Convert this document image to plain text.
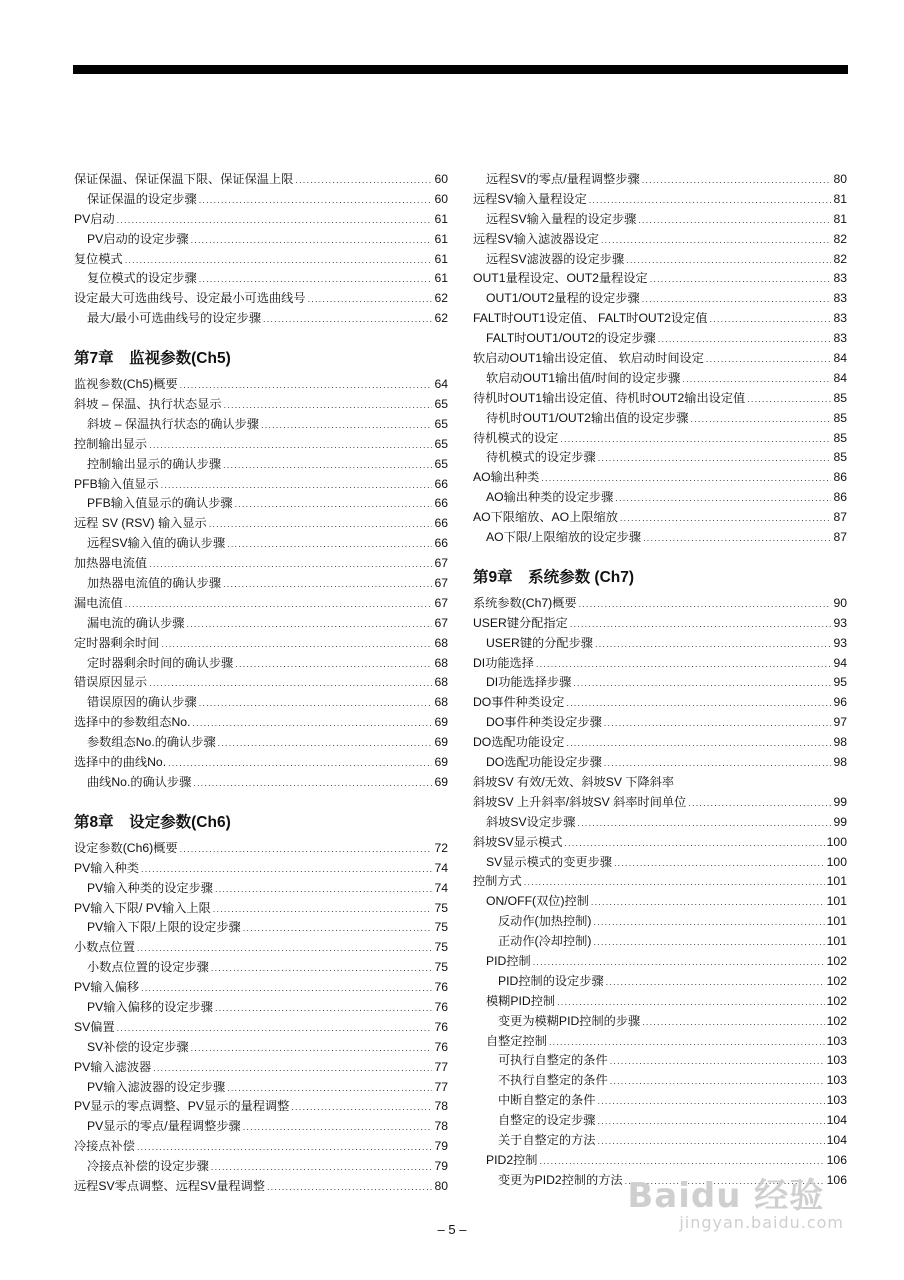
保证保温、保证保温下限、保证保温上限 .....	60
保证保温的设定步骤 .....	60
PV启动 .....	61
PV启动的设定步骤 .....	61
复位模式 .....	61
复位模式的设定步骤 .....	61
设定最大可选曲线号、设定最小可选曲线号 .....	62
最大/最小可选曲线号的设定步骤 .....	62
第7章　监视参数(Ch5)
监视参数(Ch5)概要 .....	64
斜坡 – 保温、执行状态显示 .....	65
斜坡 – 保温执行状态的确认步骤 .....	65
控制输出显示 .....	65
控制输出显示的确认步骤 .....	65
PFB输入值显示 .....	66
PFB输入值显示的确认步骤 .....	66
远程 SV (RSV) 输入显示 .....	66
远程SV输入值的确认步骤 .....	66
加热器电流值 .....	67
加热器电流值的确认步骤 .....	67
漏电流值 .....	67
漏电流的确认步骤 .....	67
定时器剩余时间 .....	68
定时器剩余时间的确认步骤 .....	68
错误原因显示 .....	68
错误原因的确认步骤 .....	68
选择中的参数组态No. .....	69
参数组态No.的确认步骤 .....	69
选择中的曲线No. .....	69
曲线No.的确认步骤 .....	69
第8章　设定参数(Ch6)
设定参数(Ch6)概要 .....	72
PV输入种类 .....	74
PV输入种类的设定步骤 .....	74
PV输入下限/ PV输入上限 .....	75
PV输入下限/上限的设定步骤 .....	75
小数点位置 .....	75
小数点位置的设定步骤 .....	75
PV输入偏移 .....	76
PV输入偏移的设定步骤 .....	76
SV偏置 .....	76
SV补偿的设定步骤 .....	76
PV输入滤波器 .....	77
PV输入滤波器的设定步骤 .....	77
PV显示的零点调整、PV显示的量程调整 .....	78
PV显示的零点/量程调整步骤 .....	78
冷接点补偿 .....	79
冷接点补偿的设定步骤 .....	79
远程SV零点调整、远程SV量程调整 .....	80
远程SV的零点/量程调整步骤 .....	80
远程SV输入量程设定 .....	81
远程SV输入量程的设定步骤 .....	81
远程SV输入滤波器设定 .....	82
远程SV滤波器的设定步骤 .....	82
OUT1量程设定、OUT2量程设定 .....	83
OUT1/OUT2量程的设定步骤 .....	83
FALT时OUT1设定值、 FALT时OUT2设定值 .....	83
FALT时OUT1/OUT2的设定步骤 .....	83
软启动OUT1输出设定值、 软启动时间设定 .....	84
软启动OUT1输出值/时间的设定步骤 .....	84
待机时OUT1输出设定值、待机时OUT2输出设定值 .....	85
待机时OUT1/OUT2输出值的设定步骤 .....	85
待机模式的设定 .....	85
待机模式的设定步骤 .....	85
AO输出种类 .....	86
AO输出种类的设定步骤 .....	86
AO下限缩放、AO上限缩放 .....	87
AO下限/上限缩放的设定步骤 .....	87
第9章　系统参数 (Ch7)
系统参数(Ch7)概要 .....	90
USER键分配指定 .....	93
USER键的分配步骤 .....	93
DI功能选择 .....	94
DI功能选择步骤 .....	95
DO事件种类设定 .....	96
DO事件种类设定步骤 .....	97
DO选配功能设定 .....	98
DO选配功能设定步骤 .....	98
斜坡SV 有效/无效、斜坡SV 下降斜率
斜坡SV 上升斜率/斜坡SV 斜率时间单位 .....	99
斜坡SV设定步骤 .....	99
斜坡SV显示模式 .....	100
SV显示模式的变更步骤 .....	100
控制方式 .....	101
ON/OFF(双位)控制 .....	101
反动作(加热控制) .....	101
正动作(冷却控制) .....	101
PID控制 .....	102
PID控制的设定步骤 .....	102
模糊PID控制 .....	102
变更为模糊PID控制的步骤 .....	102
自整定控制 .....	103
可执行自整定的条件 .....	103
不执行自整定的条件 .....	103
中断自整定的条件 .....	103
自整定的设定步骤 .....	104
关于自整定的方法 .....	104
PID2控制 .....	106
变更为PID2控制的方法 .....	106
– 5 –
Baidu 经验
jingyan.baidu.com
